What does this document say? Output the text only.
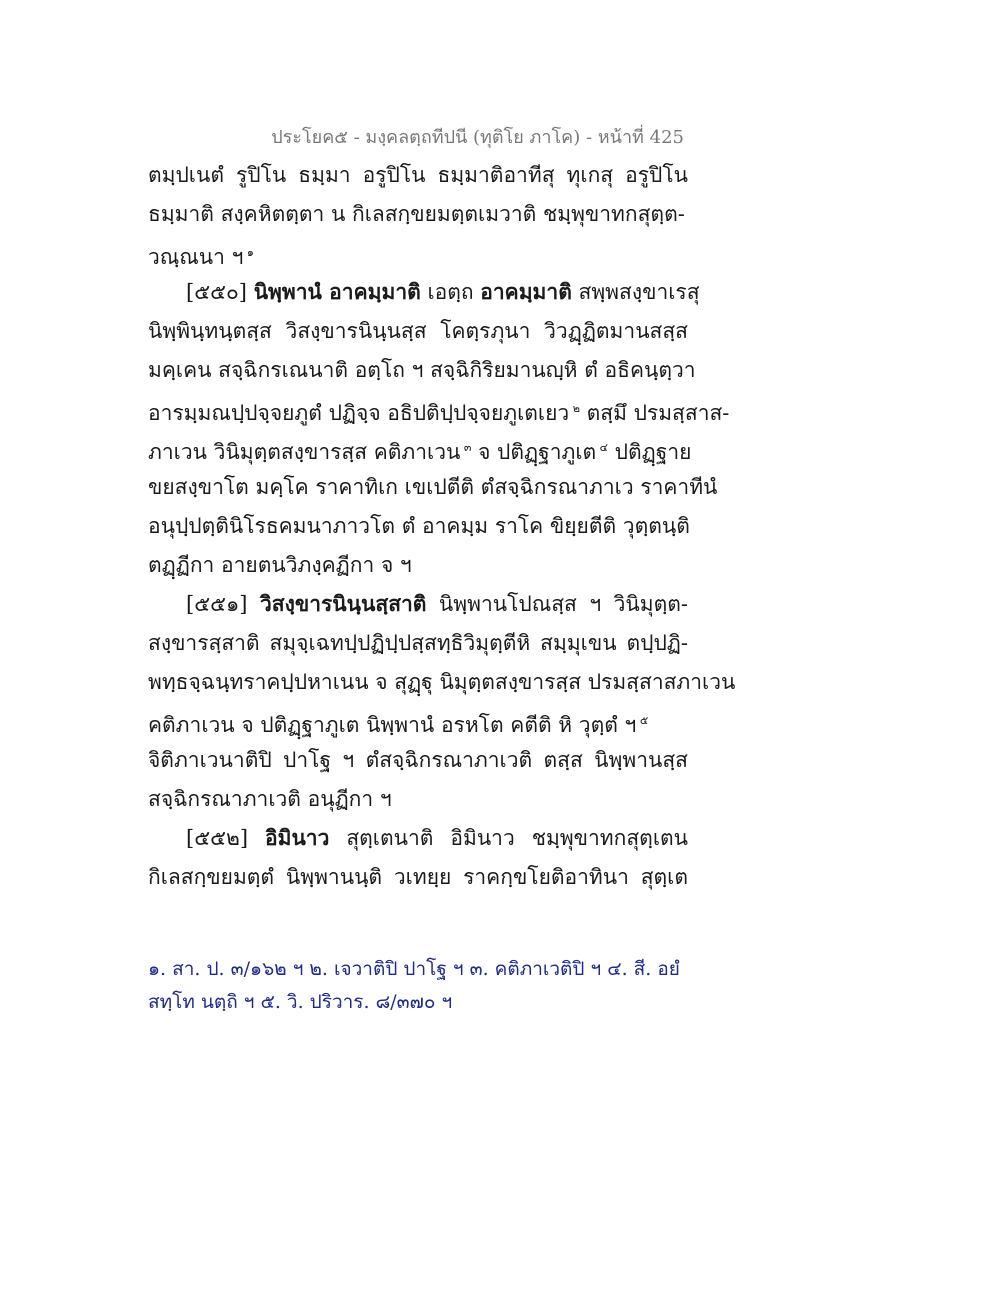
ประโยค๕ - มงฺคลตฺถทีปนี (ทุติโย ภาโค) - หน้าที่ 425
ตมฺปเนตํ รูปิโน ธมฺมา อรูปิโน ธมฺมาติอาทีสุ ทุเกสุ อรูปิโน
ธมฺมาติ สงฺคหิตตฺตา น กิเลสกฺขยมตฺตเมวาติ ชมฺพุขาทกสุตฺต-
วณฺณนา ฯ $^๑$
[๕๕๐] นิพฺพานํ อาคมฺมาติ เอตฺถ อาคมฺมาติ สพฺพสงฺขาเรสุ
นิพฺพินฺทนฺตสฺส วิสงฺขารนินฺนสฺส โคตฺรภุนา วิวฏฺฏิตมานสสฺส
มคฺเคน สจฺฉิกรเณนาติ อตฺโถ ฯ สจฺฉิกิริยมานญฺหิ ตํ อธิคนฺตฺวา
อารมฺมณปฺปจฺจยภูตํ ปฏิจฺจ อธิปติปฺปจฺจยภูเตเยว $^๒$ ตสฺมึ ปรมสฺสาส-
ภาเวน วินิมุตฺตสงฺขารสฺส คติภาเวน $^๓$ จ ปติฏฺฐาภูเต $^๔$ ปติฏฺฐาย
ขยสงฺขาโต มคฺโค ราคาทิเก เขเปตีติ ตํสจฺฉิกรณาภาเว ราคาทีนํ
อนุปฺปตฺตินิโรธคมนาภาวโต ตํ อาคมฺม ราโค ขิยฺยตีติ วุตฺตนฺติ
ตฏฺฏีกา อายตนวิภงฺคฏีกา จ ฯ
[๕๕๑] วิสงฺขารนินฺนสฺสาติ นิพฺพานโปณสฺส ฯ วินิมุตฺต-
สงฺขารสฺสาติ สมุจฺเฉทปฺปฏิปฺปสฺสทฺธิวิมุตฺตีหิ สมฺมุเขน ตปฺปฏิ-
พทฺธจฺฉนฺทราคปฺปหาเนน จ สุฏฺฐุ นิมุตฺตสงฺขารสฺส ปรมสฺสาสภาเวน
คติภาเวน จ ปติฏฺฐาภูเต นิพฺพานํ อรหโต คตีติ หิ วุตฺตํ ฯ $^๕$
จิติภาเวนาติปิ ปาโฐ ฯ ตํสจฺฉิกรณาภาเวติ ตสฺส นิพฺพานสฺส
สจฺฉิกรณาภาเวติ อนุฏีกา ฯ
[๕๕๒] อิมินาว สุตฺเตนาติ อิมินาว ชมฺพุขาทกสุตฺเตน
กิเลสกฺขยมตฺตํ นิพฺพานนฺติ วเทยฺย ราคกฺขโยติอาทินา สุตฺเต
๑. สา. ป. ๓/๑๖๒ ฯ ๒. เจวาติปิ ปาโฐ ฯ ๓. คติภาเวติปิ ฯ ๔. สี. อยํ
สทฺโท นตฺถิ ฯ ๕. วิ. ปริวาร. ๘/๓๗๐ ฯ
